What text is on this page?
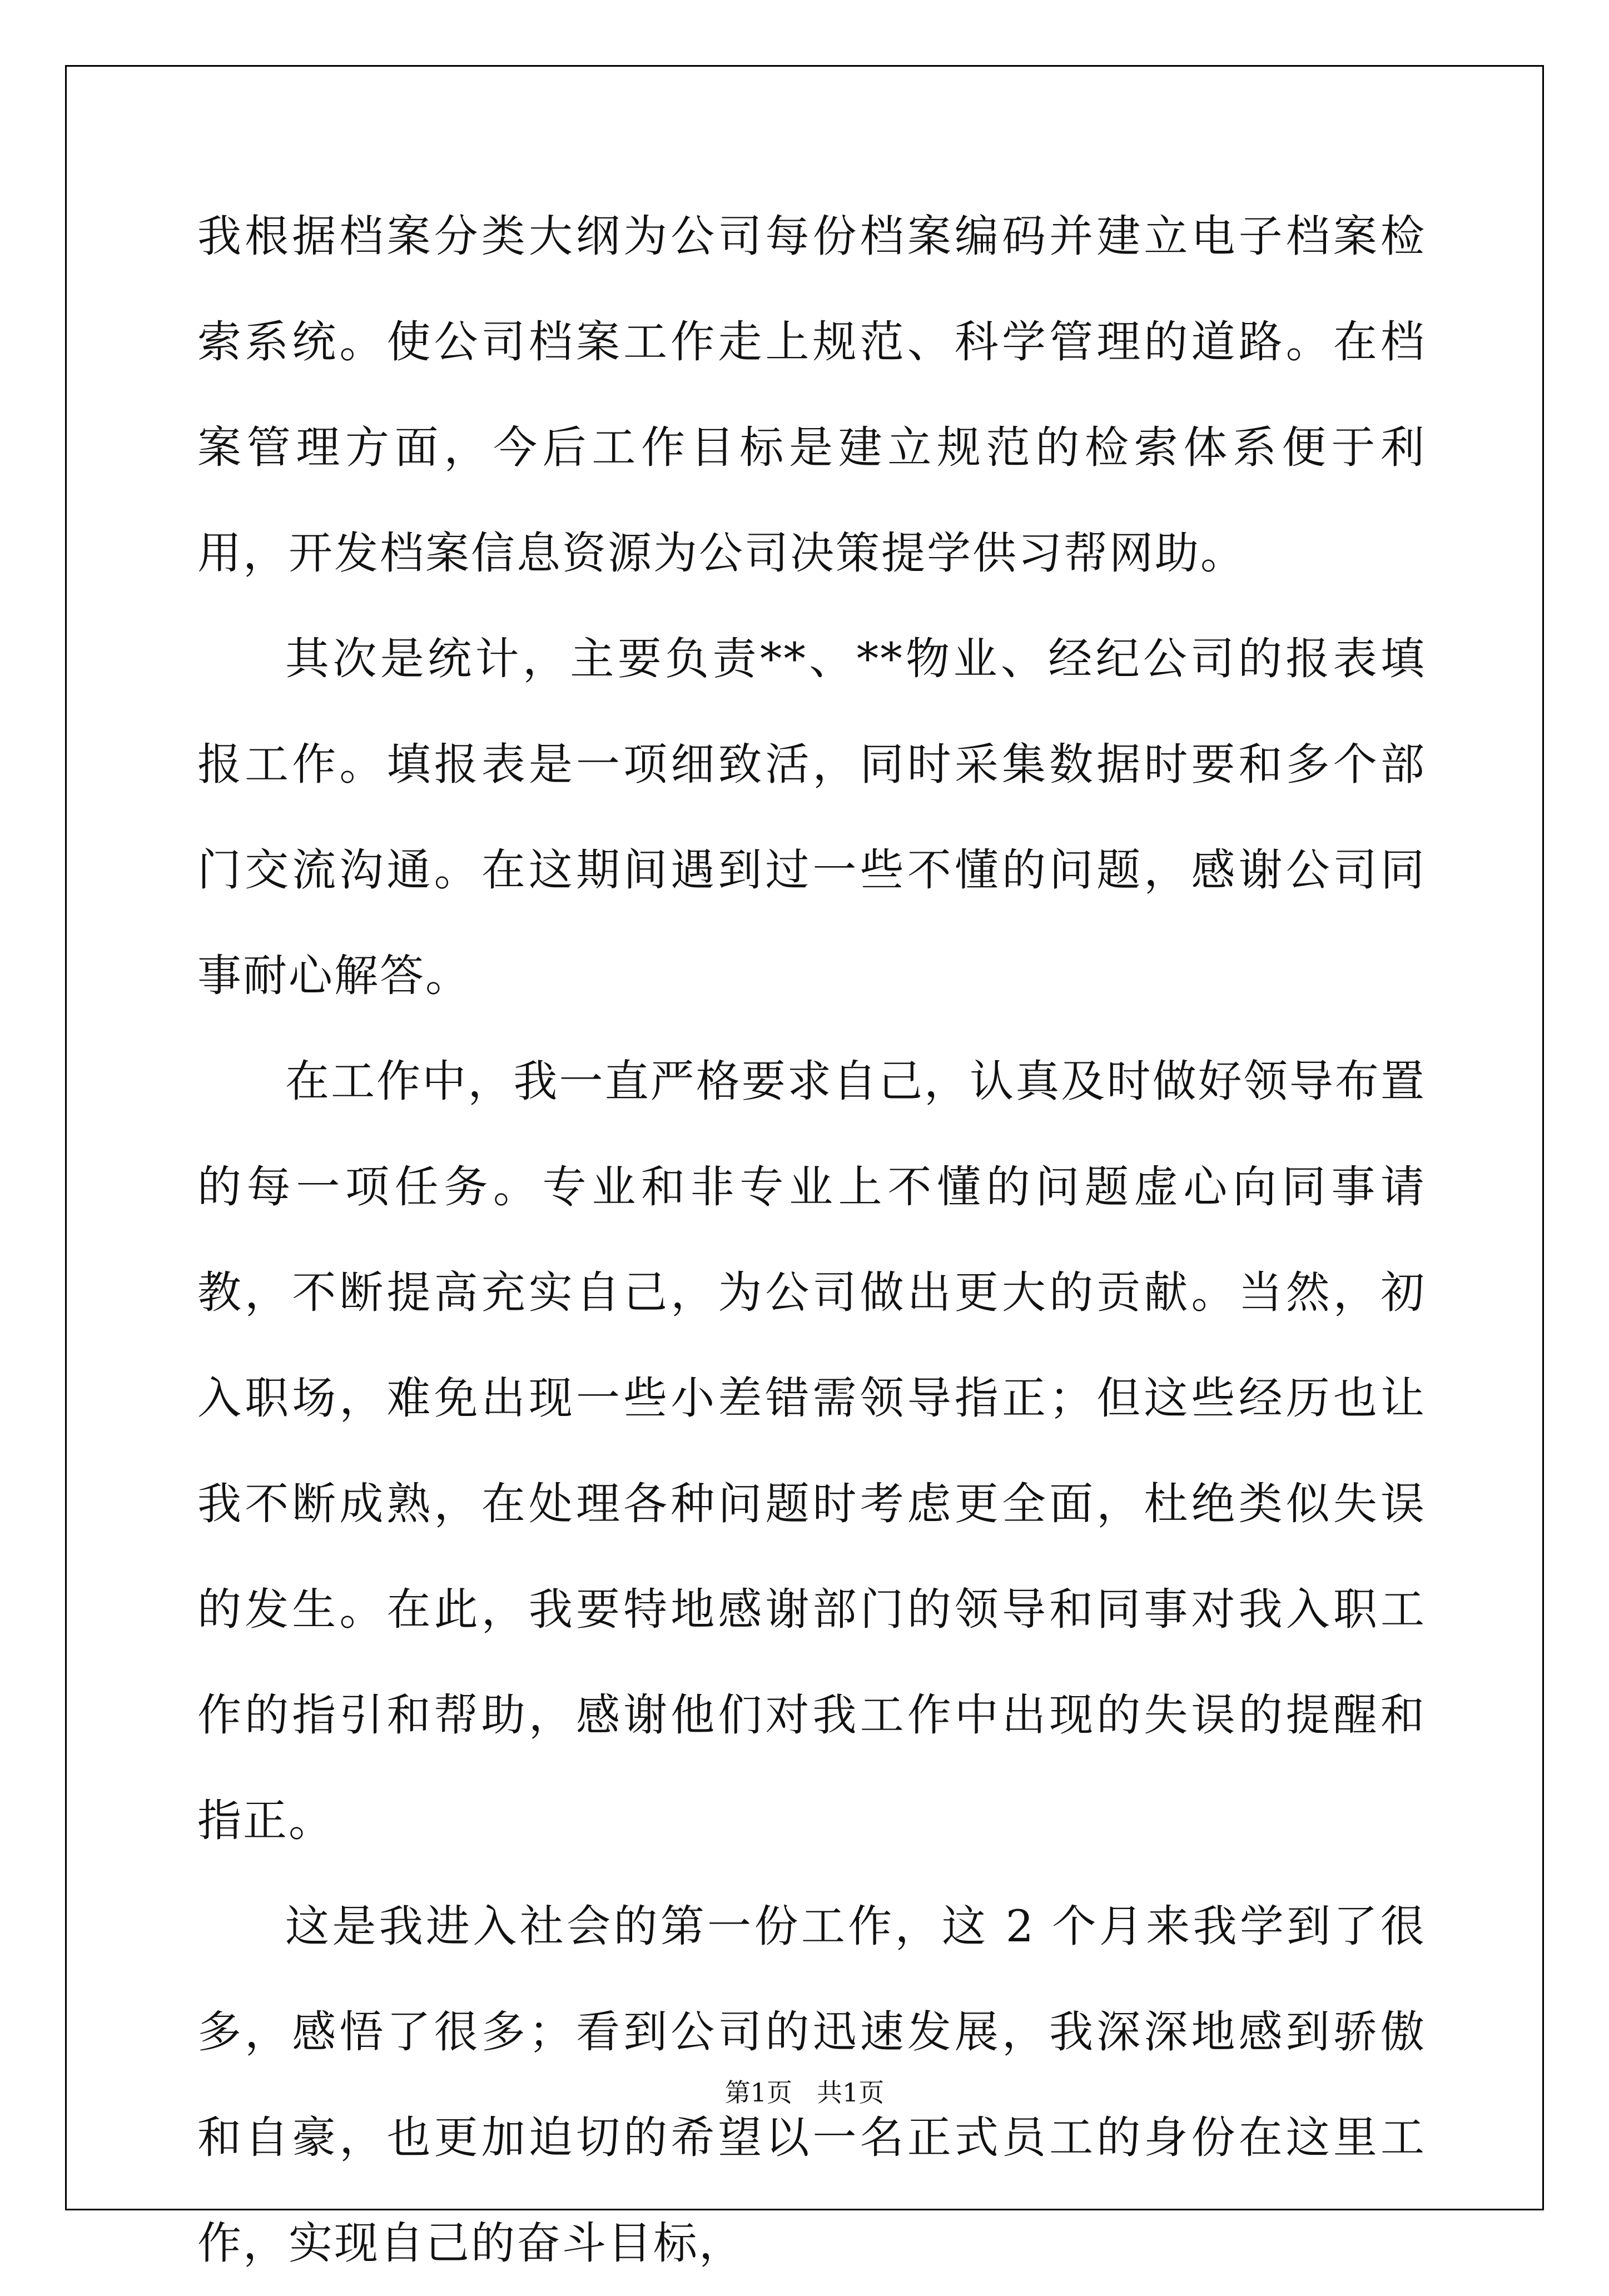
我根据档案分类大纲为公司每份档案编码并建立电子档案检索系统。使公司档案工作走上规范、科学管理的道路。在档案管理方面，今后工作目标是建立规范的检索体系便于利用，开发档案信息资源为公司决策提学供习帮网助。

其次是统计，主要负责**、**物业、经纪公司的报表填报工作。填报表是一项细致活，同时采集数据时要和多个部门交流沟通。在这期间遇到过一些不懂的问题，感谢公司同事耐心解答。

在工作中，我一直严格要求自己，认真及时做好领导布置的每一项任务。专业和非专业上不懂的问题虚心向同事请教，不断提高充实自己，为公司做出更大的贡献。当然，初入职场，难免出现一些小差错需领导指正；但这些经历也让我不断成熟，在处理各种问题时考虑更全面，杜绝类似失误的发生。在此，我要特地感谢部门的领导和同事对我入职工作的指引和帮助，感谢他们对我工作中出现的失误的提醒和指正。

这是我进入社会的第一份工作，这 2 个月来我学到了很多，感悟了很多；看到公司的迅速发展，我深深地感到骄傲和自豪，也更加迫切的希望以一名正式员工的身份在这里工作，实现自己的奋斗目标，

第1页 共1页
